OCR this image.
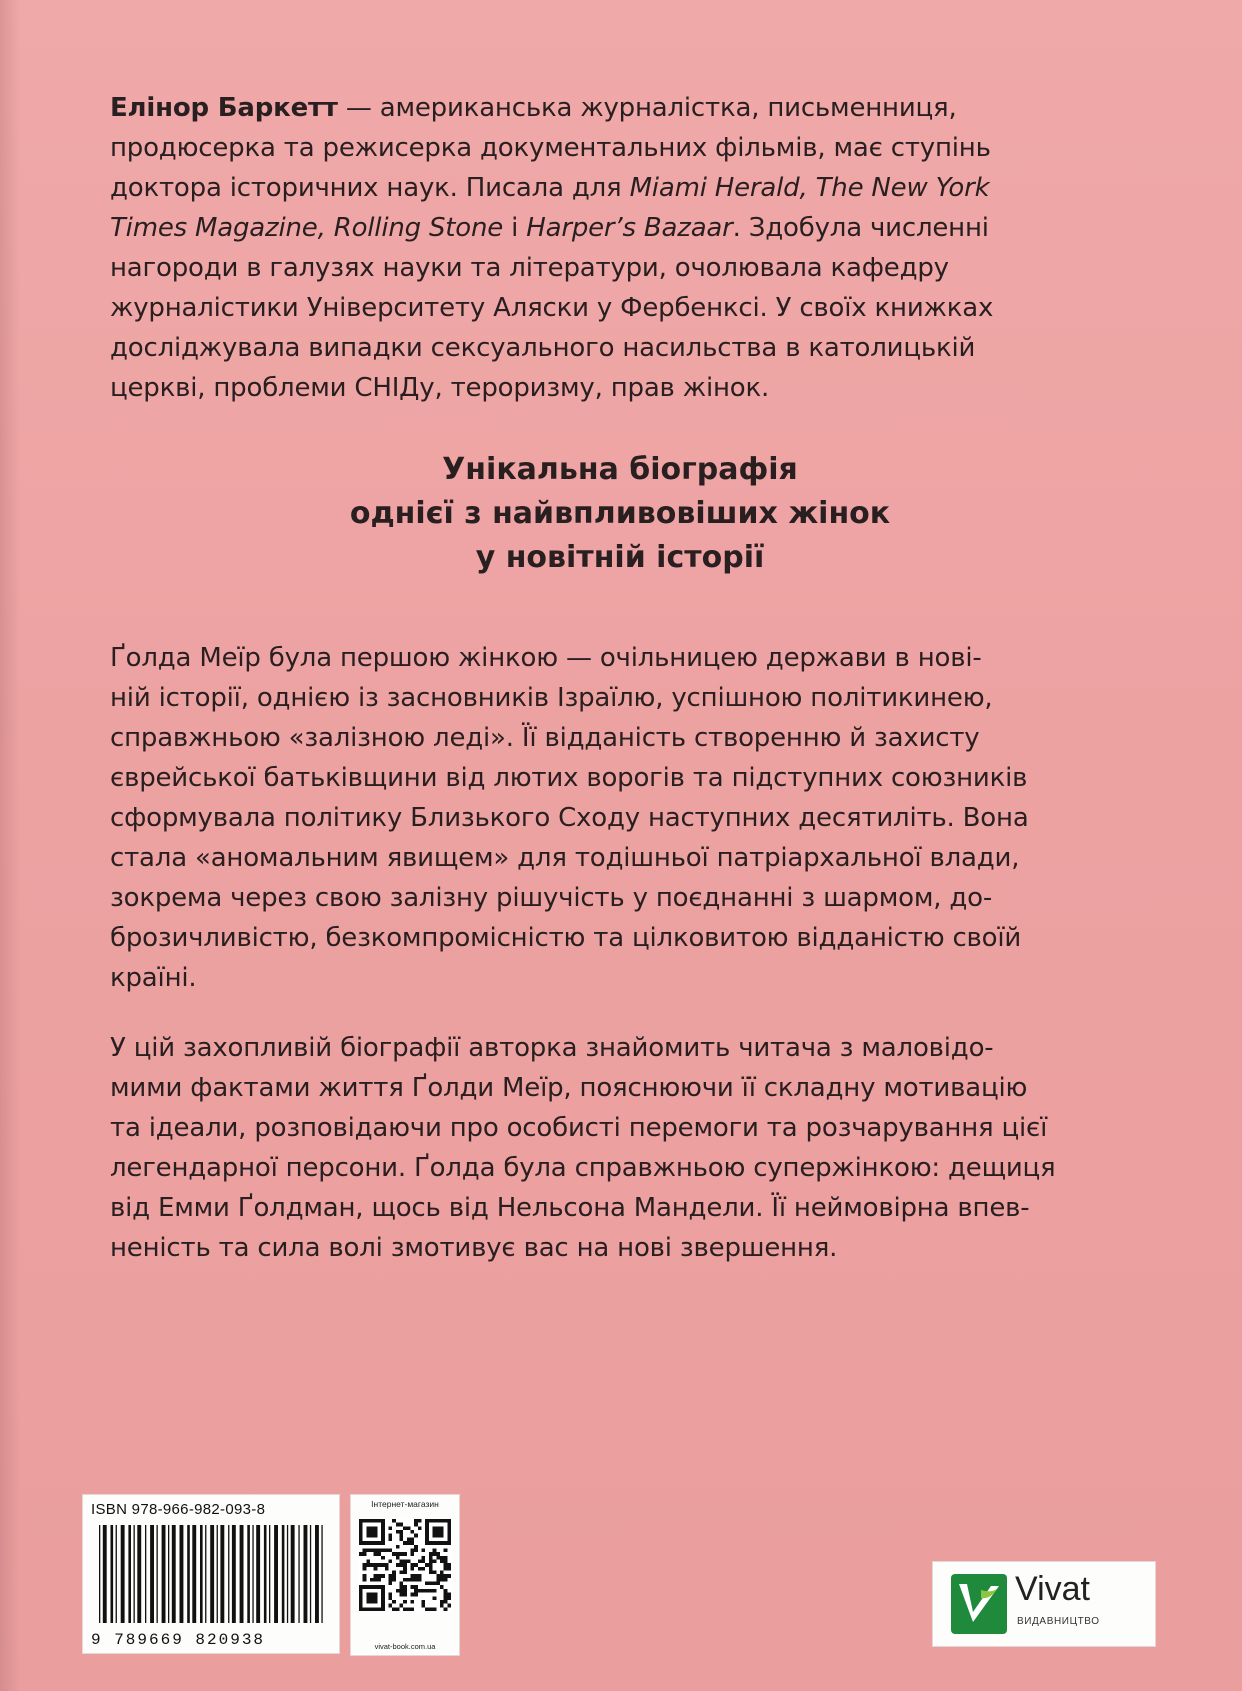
Елінор Баркетт — американська журналістка, письменниця,
продюсерка та режисерка документальних фільмів, має ступінь
доктора історичних наук. Писала для Miami Herald, The New York
Times Magazine, Rolling Stone і Harper’s Bazaar. Здобула численні
нагороди в галузях науки та літератури, очолювала кафедру
журналістики Університету Аляски у Фербенксі. У своїх книжках
досліджувала випадки сексуального насильства в католицькій
церкві, проблеми СНІДу, тероризму, прав жінок.
Унікальна біографія
однієї з найвпливовіших жінок
у новітній історії
Ґолда Меїр була першою жінкою — очільницею держави в нові-
ній історії, однією із засновників Ізраїлю, успішною політикинею,
справжньою «залізною леді». Її відданість створенню й захисту
єврейської батьківщини від лютих ворогів та підступних союзників
сформувала політику Близького Сходу наступних десятиліть. Вона
стала «аномальним явищем» для тодішньої патріархальної влади,
зокрема через свою залізну рішучість у поєднанні з шармом, до-
брозичливістю, безкомпромісністю та цілковитою відданістю своїй
країні.
У цій захопливій біографії авторка знайомить читача з маловідо-
мими фактами життя Ґолди Меїр, пояснюючи її складну мотивацію
та ідеали, розповідаючи про особисті перемоги та розчарування цієї
легендарної персони. Ґолда була справжньою супержінкою: дещиця
від Емми Ґолдман, щось від Нельсона Мандели. Її неймовірна впев-
неність та сила волі змотивує вас на нові звершення.
ISBN 978-966-982-093-8
9 789669 820938
Інтернет-магазин
vivat-book.com.ua
Vivat
ВИДАВНИЦТВО
